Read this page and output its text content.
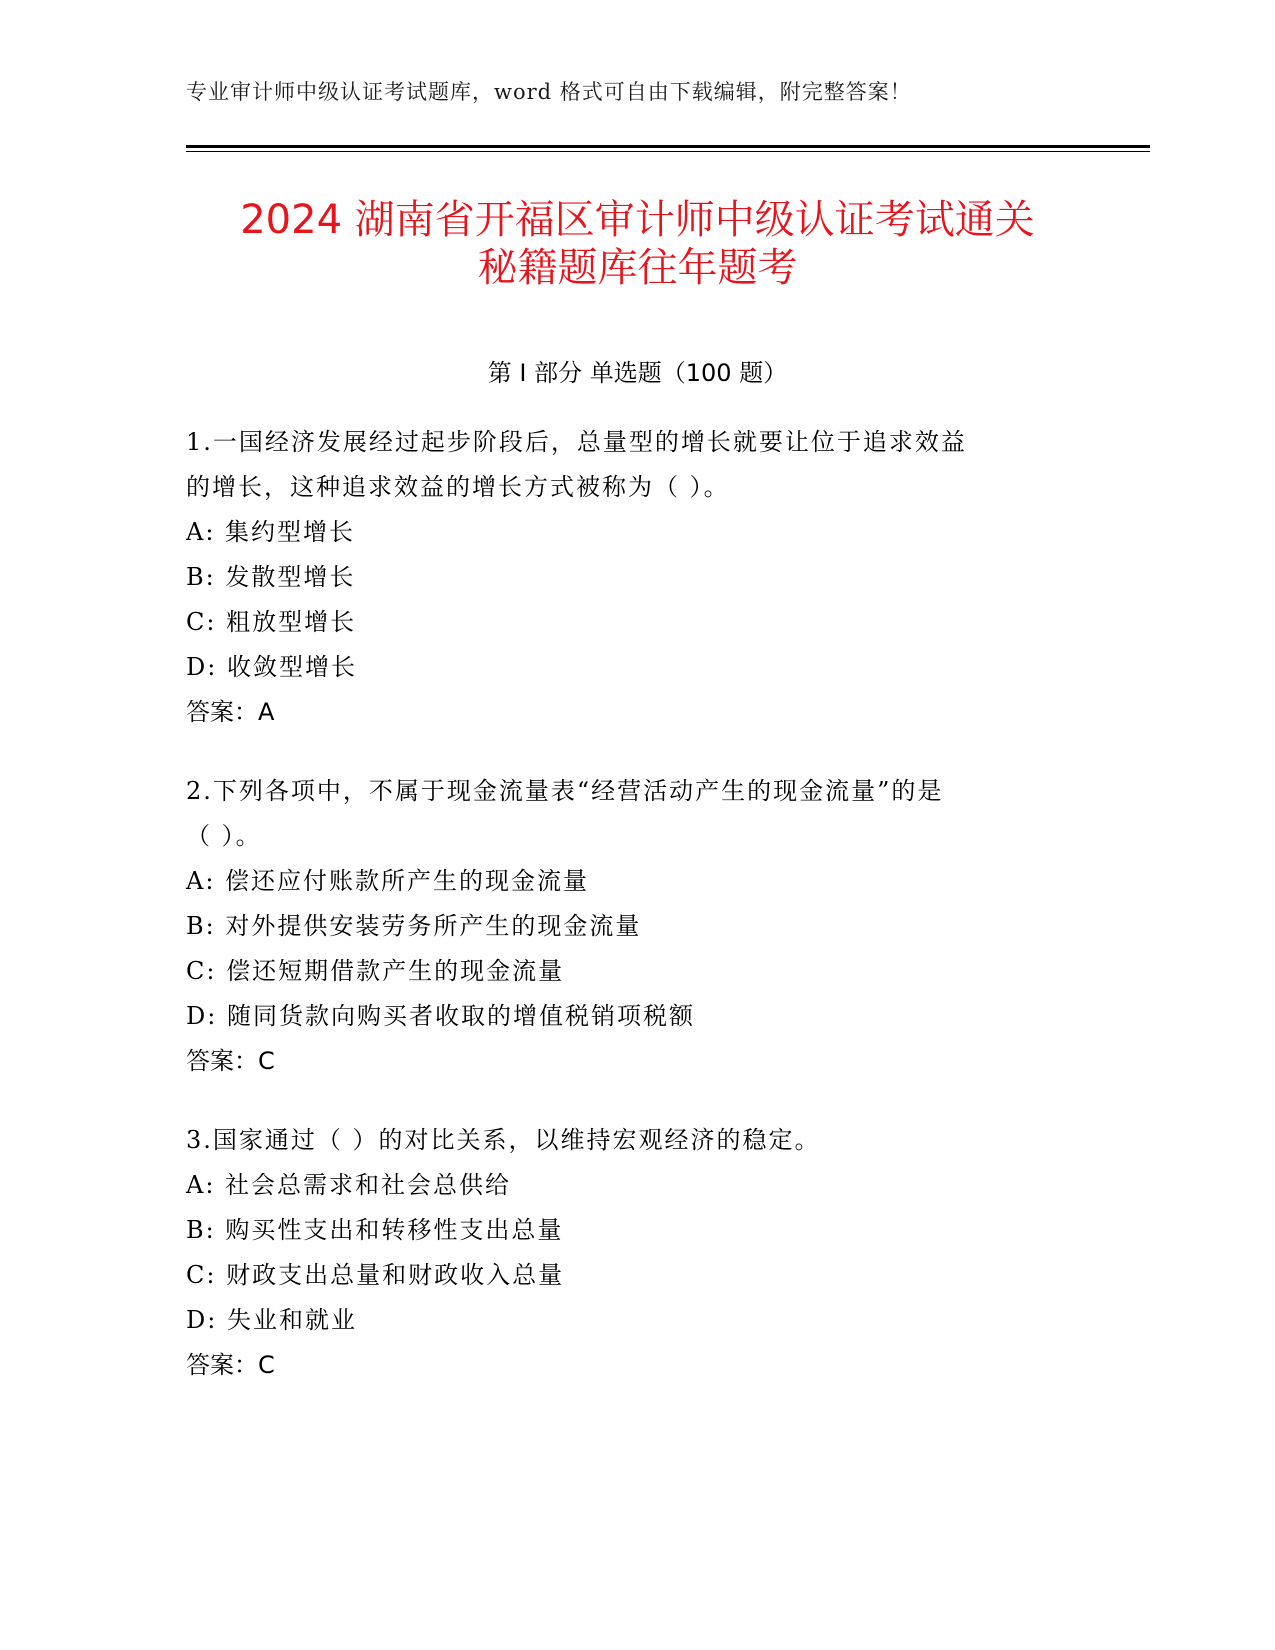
专业审计师中级认证考试题库，word 格式可自由下载编辑，附完整答案！
2024 湖南省开福区审计师中级认证考试通关
秘籍题库往年题考
第 I 部分 单选题（100 题）
1.一国经济发展经过起步阶段后，总量型的增长就要让位于追求效益
的增长，这种追求效益的增长方式被称为（ ）。
A: 集约型增长
B: 发散型增长
C: 粗放型增长
D: 收敛型增长
答案：A
2.下列各项中，不属于现金流量表“经营活动产生的现金流量”的是
（ ）。
A: 偿还应付账款所产生的现金流量
B: 对外提供安装劳务所产生的现金流量
C: 偿还短期借款产生的现金流量
D: 随同货款向购买者收取的增值税销项税额
答案：C
3.国家通过（ ）的对比关系，以维持宏观经济的稳定。
A: 社会总需求和社会总供给
B: 购买性支出和转移性支出总量
C: 财政支出总量和财政收入总量
D: 失业和就业
答案：C
